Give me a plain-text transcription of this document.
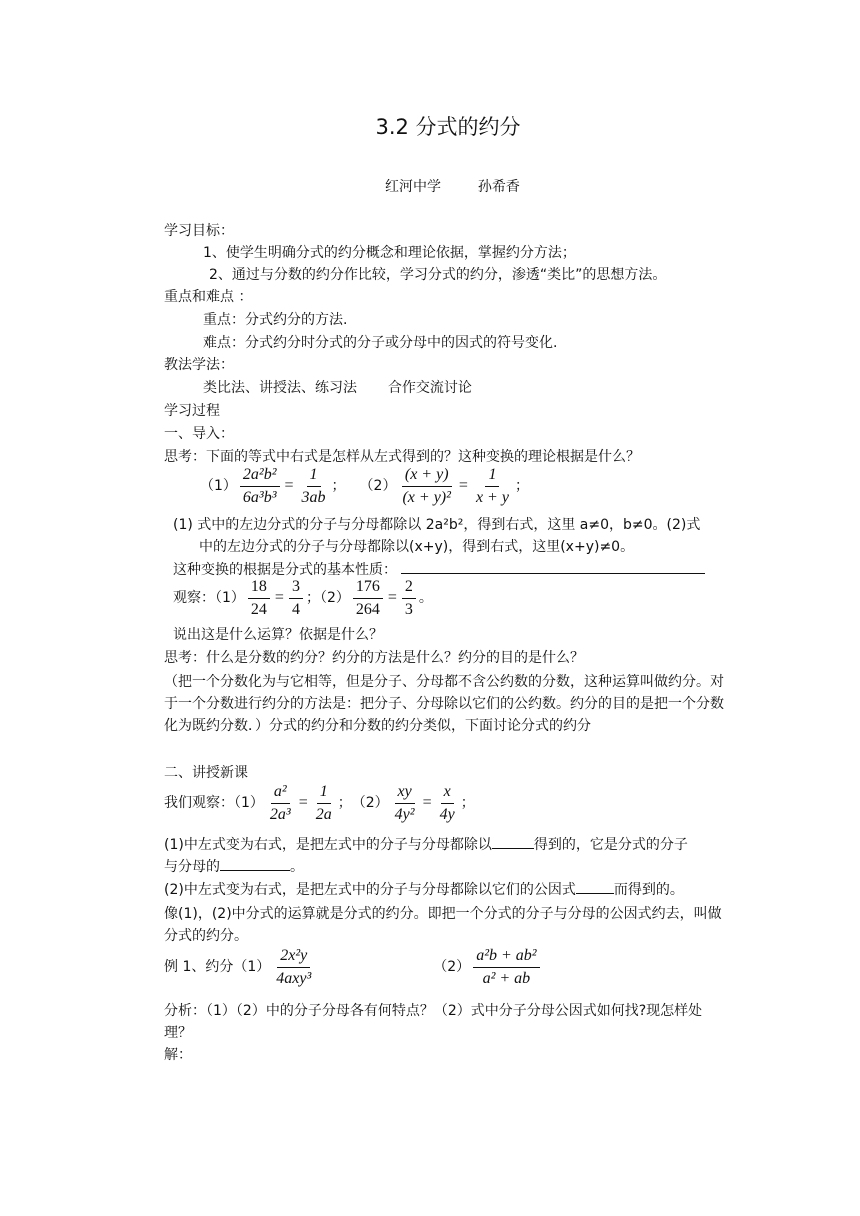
3.2 分式的约分
红河中学	孙希香
学习目标：
1、使学生明确分式的约分概念和理论依据，掌握约分方法；
2、通过与分数的约分作比较，学习分式的约分，渗透“类比”的思想方法。
重点和难点 ：
重点：分式约分的方法.
难点：分式约分时分式的分子或分母中的因式的符号变化.
教法学法：
类比法、讲授法、练习法 合作交流讨论
学习过程
一、导入：
思考：下面的等式中右式是怎样从左式得到的？这种变换的理论根据是什么？
$(1) \frac{\text{2a²b²}}{\text{6a³b³}} = \frac{1}{3ab}$ ； $(2) \frac{(x + y)}{\text{(x + y)²}} = \frac{1}{x + y}$ ；
(1) 式中的左边分式的分子与分母都除以 2a²b²，得到右式，这里 a≠0，b≠0。(2)式
中的左边分式的分子与分母都除以(x+y)，得到右式，这里(x+y)≠0。
这种变换的根据是分式的基本性质：
观察：$(1) \frac{18}{24} = \frac{3}{4}$ ；$(2) \frac{176}{264} = \frac{2}{3}$ 。
说出这是什么运算？依据是什么？
思考：什么是分数的约分？约分的方法是什么？约分的目的是什么？
（把一个分数化为与它相等，但是分子、分母都不含公约数的分数，这种运算叫做约分。对于一个分数进行约分的方法是：把分子、分母除以它们的公约数。约分的目的是把一个分数化为既约分数．）分式的约分和分数的约分类似，下面讨论分式的约分
二、讲授新课
我们观察：$(1) \frac{\text{a²}}{\text{2a³}} = \frac{1}{2a}$ ；　$(2) \frac{xy}{\text{4y²}} = \frac{x}{4y}$ ；
(1)中左式变为右式，是把左式中的分子与分母都除以	得到的，它是分式的分子
与分母的	。
(2)中左式变为右式，是把左式中的分子与分母都除以它们的公因式	而得到的。
像(1)，(2)中分式的运算就是分式的约分。即把一个分式的分子与分母的公因式约去，叫做分式的约分。
例 1、约分$(1) \frac{\text{2x²y}}{\text{4axy³}}$	$(2) \frac{\text{a²b + ab²}}{\text{a² + ab}}$
分析：（1）（2）中的分子分母各有何特点？（2）式中分子分母公因式如何找?现怎样处理？
解：
